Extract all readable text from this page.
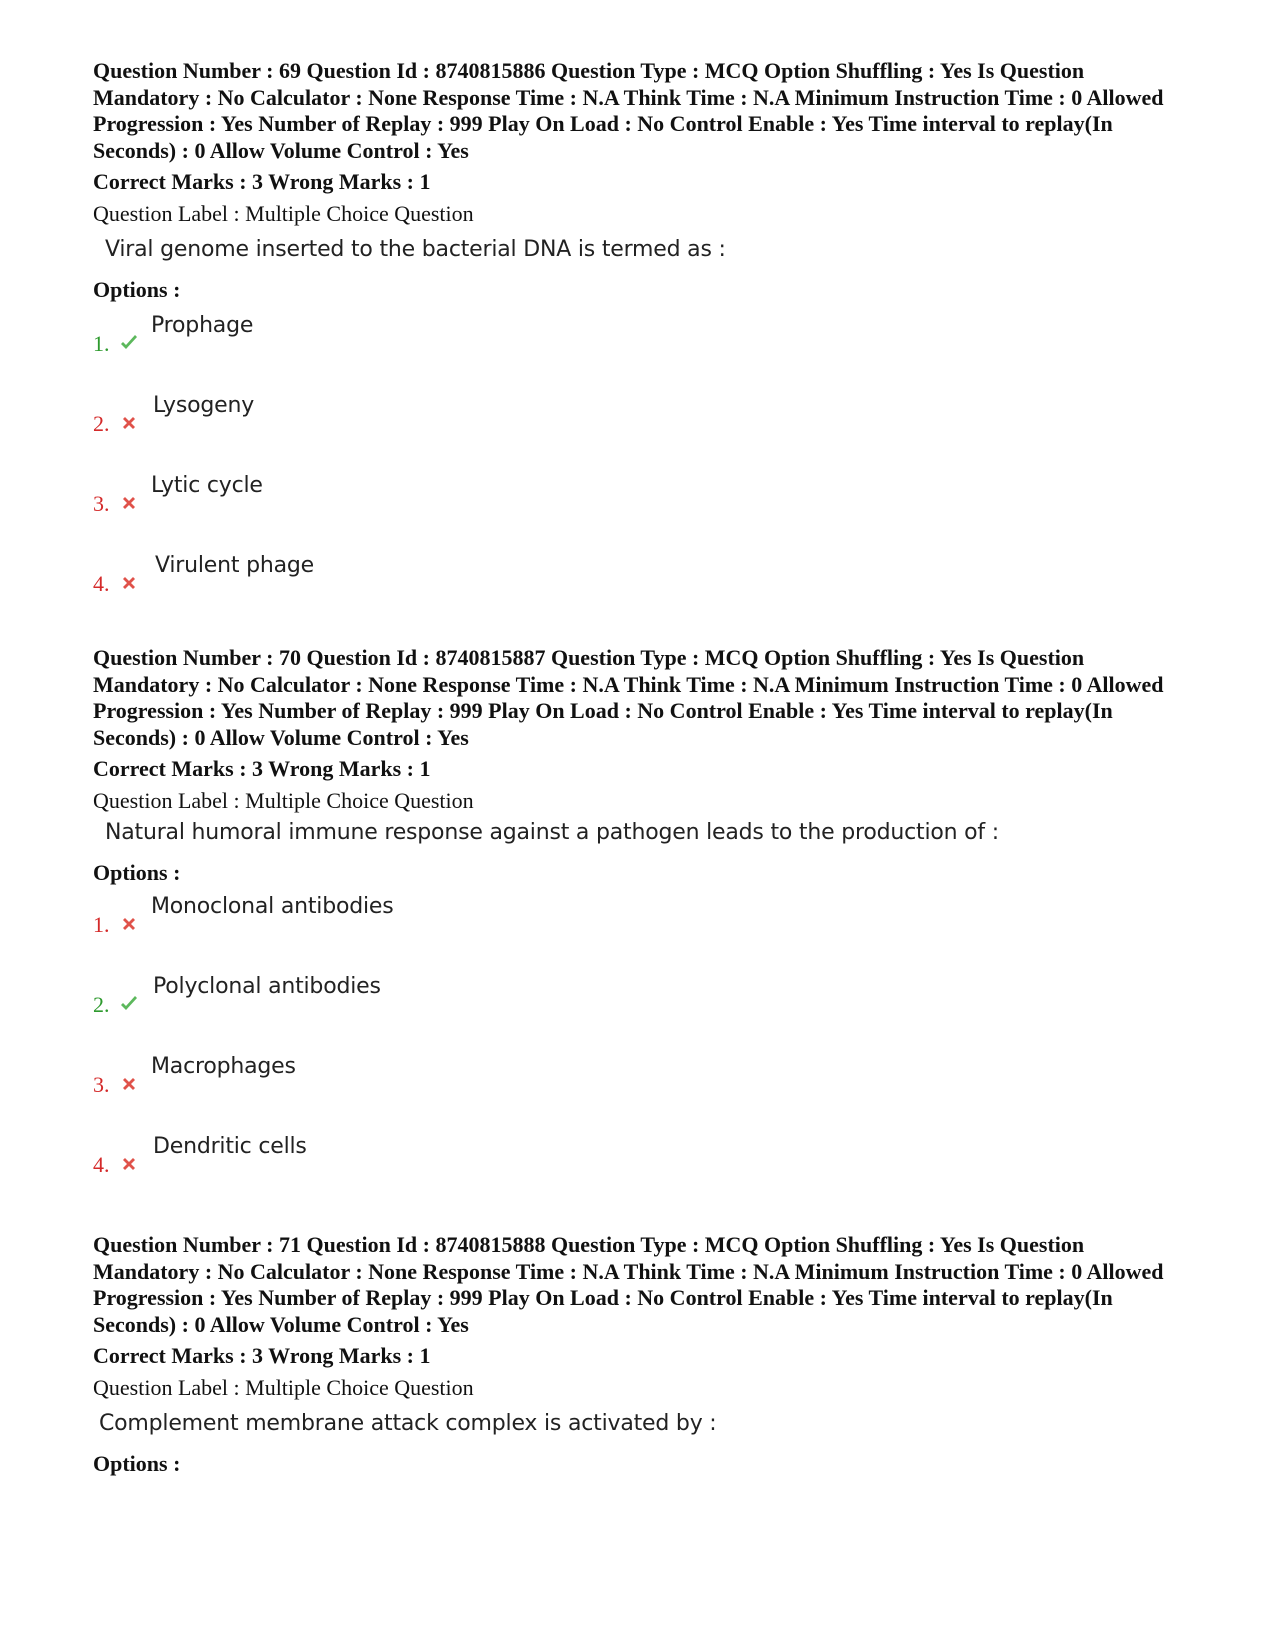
Question Number : 69 Question Id : 8740815886 Question Type : MCQ Option Shuffling : Yes Is Question Mandatory : No Calculator : None Response Time : N.A Think Time : N.A Minimum Instruction Time : 0 Allowed Progression : Yes Number of Replay : 999 Play On Load : No Control Enable : Yes Time interval to replay(In Seconds) : 0 Allow Volume Control : Yes

Correct Marks : 3 Wrong Marks : 1
Question Label : Multiple Choice Question
Viral genome inserted to the bacterial DNA is termed as :
Options :
1.
Prophage
2.
Lysogeny
3.
Lytic cycle
4.
Virulent phage

Question Number : 70 Question Id : 8740815887 Question Type : MCQ Option Shuffling : Yes Is Question Mandatory : No Calculator : None Response Time : N.A Think Time : N.A Minimum Instruction Time : 0 Allowed Progression : Yes Number of Replay : 999 Play On Load : No Control Enable : Yes Time interval to replay(In Seconds) : 0 Allow Volume Control : Yes

Correct Marks : 3 Wrong Marks : 1
Question Label : Multiple Choice Question
Natural humoral immune response against a pathogen leads to the production of :
Options :
1.
Monoclonal antibodies
2.
Polyclonal antibodies
3.
Macrophages
4.
Dendritic cells

Question Number : 71 Question Id : 8740815888 Question Type : MCQ Option Shuffling : Yes Is Question Mandatory : No Calculator : None Response Time : N.A Think Time : N.A Minimum Instruction Time : 0 Allowed Progression : Yes Number of Replay : 999 Play On Load : No Control Enable : Yes Time interval to replay(In Seconds) : 0 Allow Volume Control : Yes

Correct Marks : 3 Wrong Marks : 1
Question Label : Multiple Choice Question
Complement membrane attack complex is activated by :
Options :
